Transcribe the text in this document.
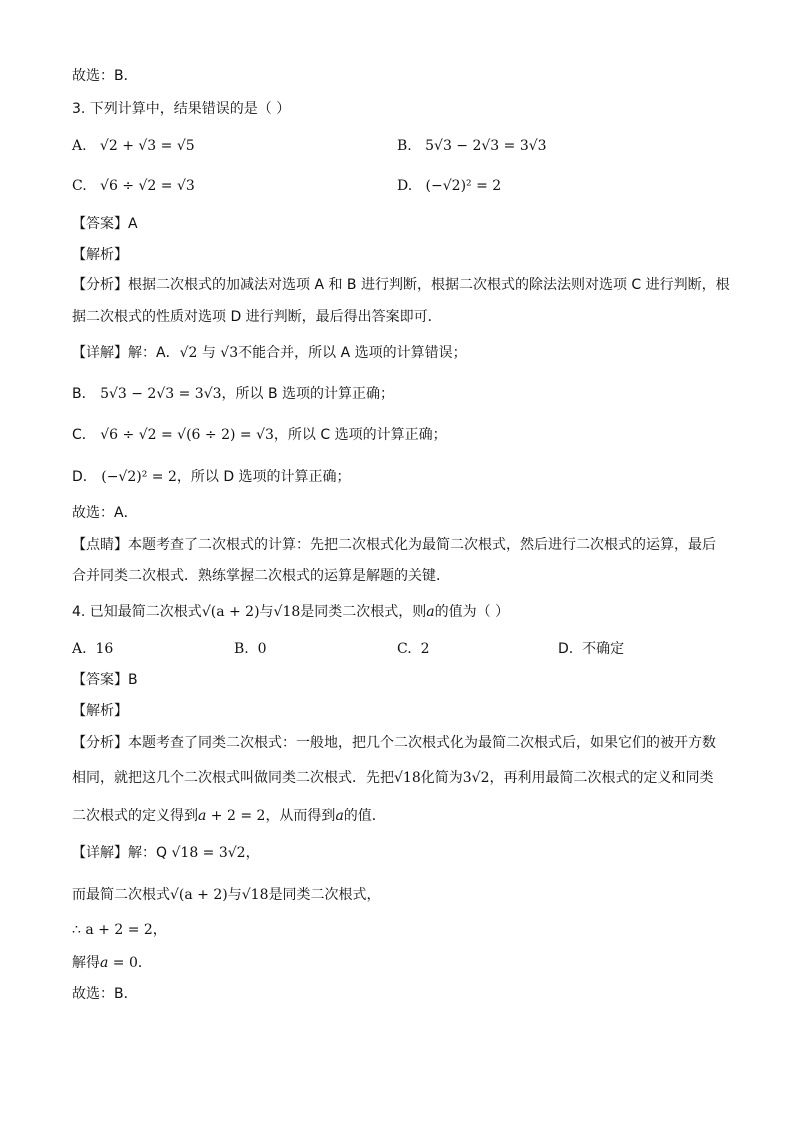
故选：B．
3. 下列计算中，结果错误的是（ ）
A. √2 + √3 = √5	B. 5√3 − 2√3 = 3√3
C. √6 ÷ √2 = √3	D. (−√2)² = 2
【答案】A
【解析】
【分析】根据二次根式的加减法对选项 A 和 B 进行判断，根据二次根式的除法法则对选项 C 进行判断，根
据二次根式的性质对选项 D 进行判断，最后得出答案即可．
【详解】解：A．√2 与 √3不能合并，所以 A 选项的计算错误；
B． 5√3 − 2√3 = 3√3，所以 B 选项的计算正确；
C． √6 ÷ √2 = √(6 ÷ 2) = √3，所以 C 选项的计算正确；
D． (−√2)² = 2，所以 D 选项的计算正确；
故选：A．
【点睛】本题考查了二次根式的计算：先把二次根式化为最简二次根式，然后进行二次根式的运算，最后
合并同类二次根式．熟练掌握二次根式的运算是解题的关键．
4. 已知最简二次根式√(a + 2)与√18是同类二次根式，则a的值为（ ）
A. 16	B. 0	C. 2	D. 不确定
【答案】B
【解析】
【分析】本题考查了同类二次根式：一般地，把几个二次根式化为最简二次根式后，如果它们的被开方数
相同，就把这几个二次根式叫做同类二次根式．先把√18化简为3√2，再利用最简二次根式的定义和同类
二次根式的定义得到a + 2 = 2，从而得到a的值．
【详解】解：Q √18 = 3√2，
而最简二次根式√(a + 2)与√18是同类二次根式，
∴ a + 2 = 2，
解得a = 0．
故选：B．
